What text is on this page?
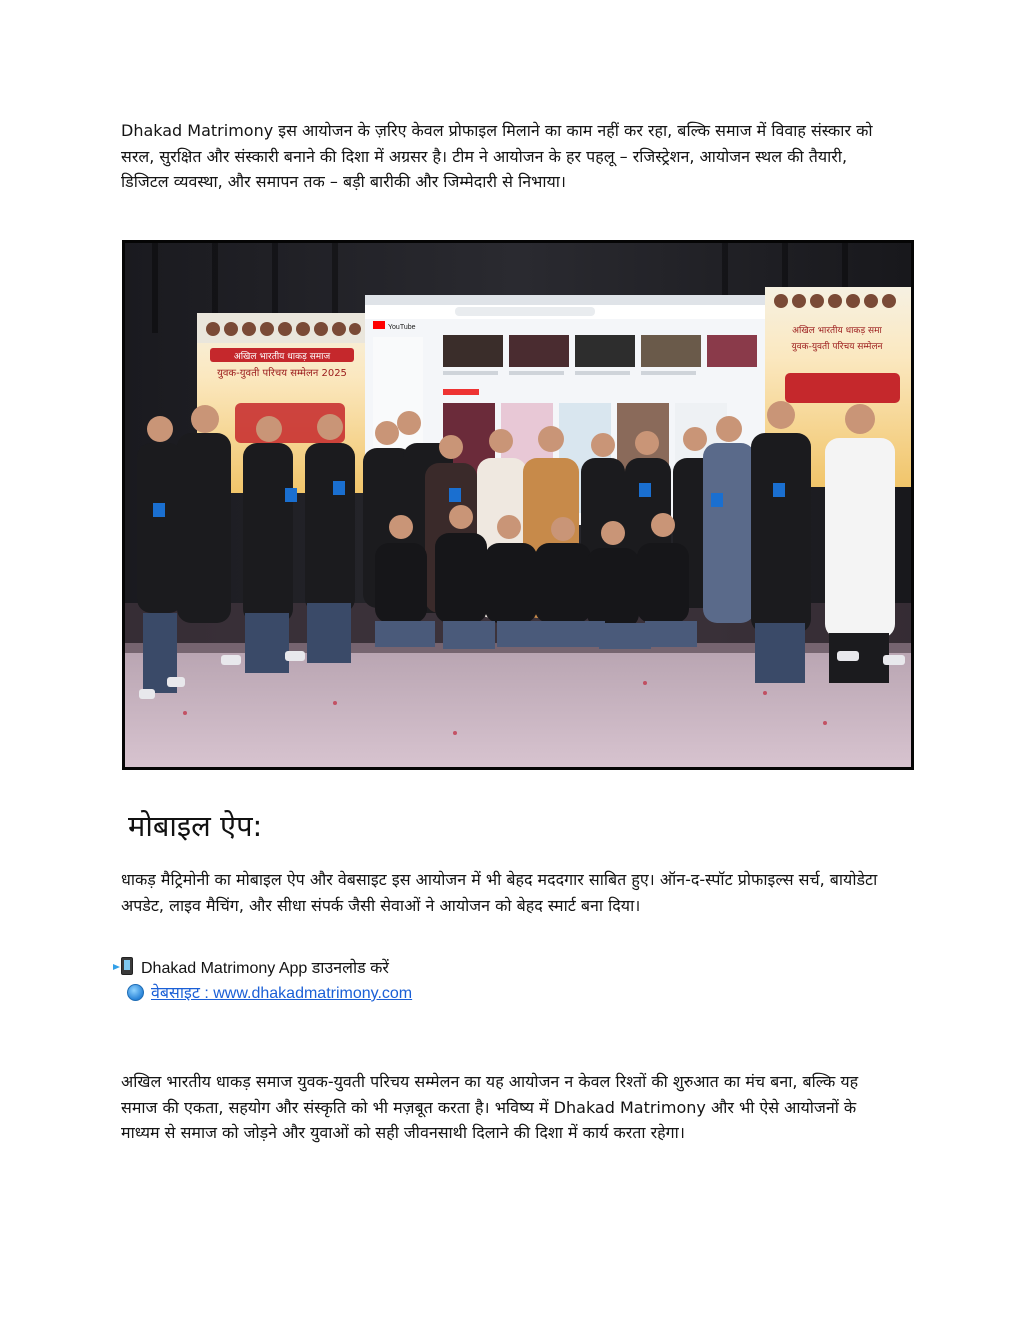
Dhakad Matrimony इस आयोजन के ज़रिए केवल प्रोफाइल मिलाने का काम नहीं कर रहा, बल्कि समाज में विवाह संस्कार को सरल, सुरक्षित और संस्कारी बनाने की दिशा में अग्रसर है। टीम ने आयोजन के हर पहलू – रजिस्ट्रेशन, आयोजन स्थल की तैयारी, डिजिटल व्यवस्था, और समापन तक – बड़ी बारीकी और जिम्मेदारी से निभाया।

अखिल भारतीय धाकड़ समाज
युवक-युवती परिचय सम्मेलन 2025
अखिल भारतीय धाकड़ समा
युवक-युवती परिचय सम्मेलन
YouTube
मोबाइल ऐप:

धाकड़ मैट्रिमोनी का मोबाइल ऐप और वेबसाइट इस आयोजन में भी बेहद मददगार साबित हुए। ऑन-द-स्पॉट प्रोफाइल्स सर्च, बायोडेटा अपडेट, लाइव मैचिंग, और सीधा संपर्क जैसी सेवाओं ने आयोजन को बेहद स्मार्ट बना दिया।

Dhakad Matrimony App डाउनलोड करें
वेबसाइट : www.dhakadmatrimony.com

अखिल भारतीय धाकड़ समाज युवक-युवती परिचय सम्मेलन का यह आयोजन न केवल रिश्तों की शुरुआत का मंच बना, बल्कि यह समाज की एकता, सहयोग और संस्कृति को भी मज़बूत करता है। भविष्य में Dhakad Matrimony और भी ऐसे आयोजनों के माध्यम से समाज को जोड़ने और युवाओं को सही जीवनसाथी दिलाने की दिशा में कार्य करता रहेगा।
